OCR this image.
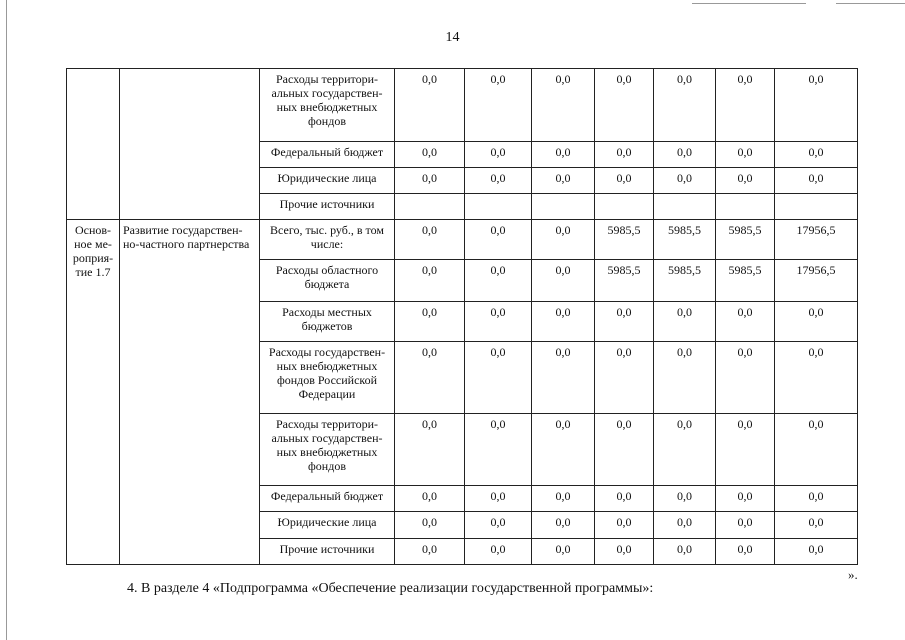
14
		Расходы территори-альных государствен-ных внебюджетных фондов	0,0	0,0	0,0	0,0	0,0	0,0	0,0
		Федеральный бюджет	0,0	0,0	0,0	0,0	0,0	0,0	0,0
		Юридические лица	0,0	0,0	0,0	0,0	0,0	0,0	0,0
		Прочие источники							
Основ-ное ме-роприя-тие 1.7	Развитие государствен-но-частного партнерства	Всего, тыс. руб., в том числе:	0,0	0,0	0,0	5985,5	5985,5	5985,5	17956,5
		Расходы областного бюджета	0,0	0,0	0,0	5985,5	5985,5	5985,5	17956,5
		Расходы местных бюджетов	0,0	0,0	0,0	0,0	0,0	0,0	0,0
		Расходы государствен-ных внебюджетных фондов Российской Федерации	0,0	0,0	0,0	0,0	0,0	0,0	0,0
		Расходы территори-альных государствен-ных внебюджетных фондов	0,0	0,0	0,0	0,0	0,0	0,0	0,0
		Федеральный бюджет	0,0	0,0	0,0	0,0	0,0	0,0	0,0
		Юридические лица	0,0	0,0	0,0	0,0	0,0	0,0	0,0
		Прочие источники	0,0	0,0	0,0	0,0	0,0	0,0	0,0
».
4. В разделе 4 «Подпрограмма «Обеспечение реализации государственной программы»:
